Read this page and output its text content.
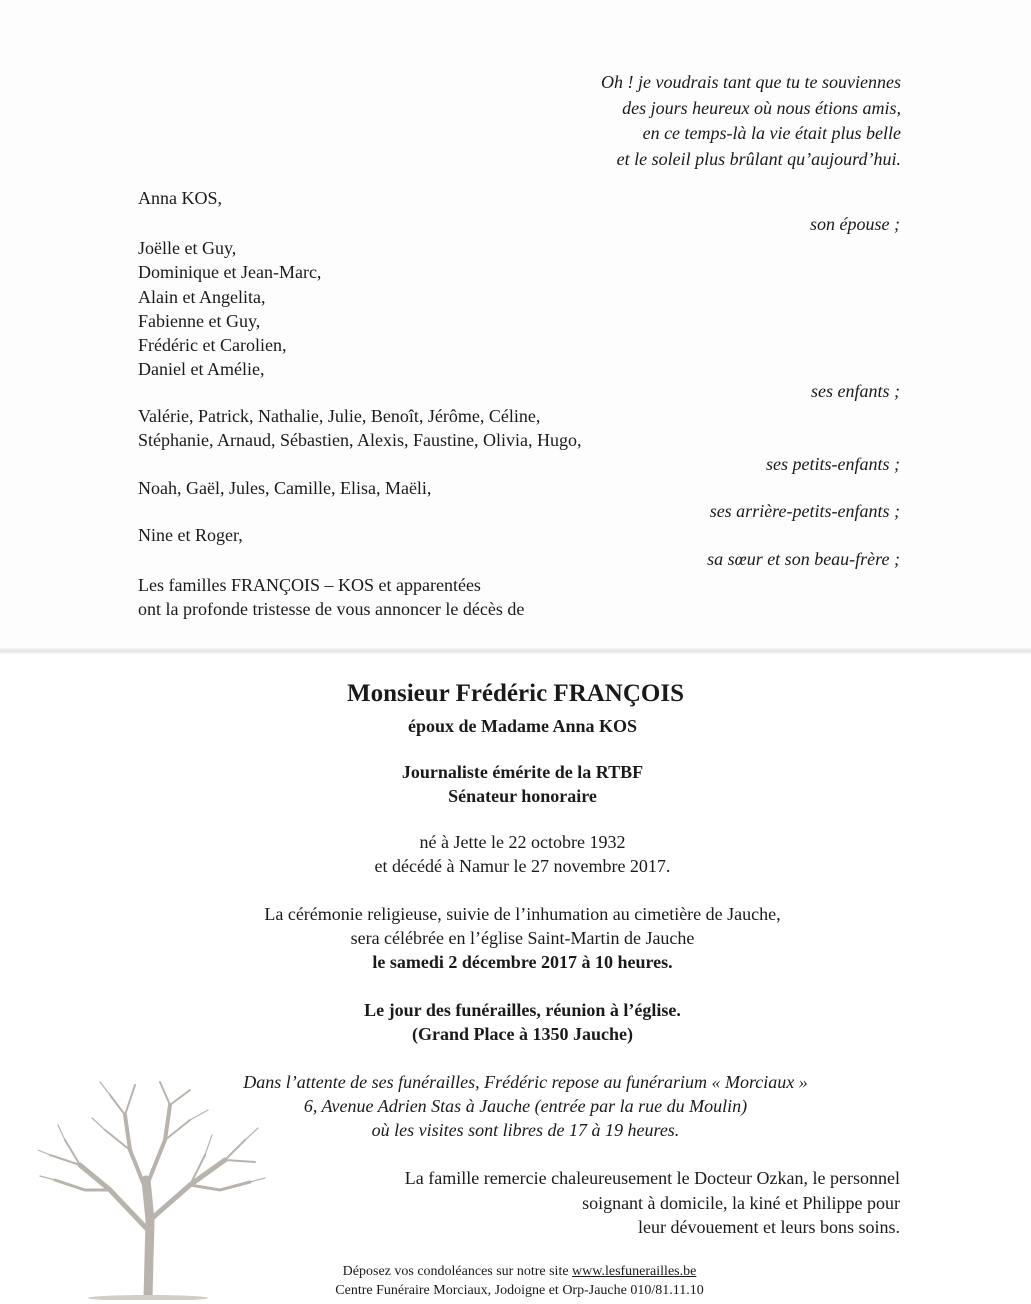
Oh ! je voudrais tant que tu te souviennes
des jours heureux où nous étions amis,
en ce temps-là la vie était plus belle
et le soleil plus brûlant qu’aujourd’hui.
Anna KOS,
son épouse ;
Joëlle et Guy,
Dominique et Jean-Marc,
Alain et Angelita,
Fabienne et Guy,
Frédéric et Carolien,
Daniel et Amélie,
ses enfants ;
Valérie, Patrick, Nathalie, Julie, Benoît, Jérôme, Céline,
Stéphanie, Arnaud, Sébastien, Alexis, Faustine, Olivia, Hugo,
ses petits-enfants ;
Noah, Gaël, Jules, Camille, Elisa, Maëli,
ses arrière-petits-enfants ;
Nine et Roger,
sa sœur et son beau-frère ;
Les familles FRANÇOIS – KOS et apparentées
ont la profonde tristesse de vous annoncer le décès de
Monsieur Frédéric FRANÇOIS
époux de Madame Anna KOS
Journaliste émérite de la RTBF
Sénateur honoraire
né à Jette le 22 octobre 1932
et décédé à Namur le 27 novembre 2017.
La cérémonie religieuse, suivie de l’inhumation au cimetière de Jauche,
sera célébrée en l’église Saint-Martin de Jauche
le samedi 2 décembre 2017 à 10 heures.
Le jour des funérailles, réunion à l’église.
(Grand Place à 1350 Jauche)
Dans l’attente de ses funérailles, Frédéric repose au funérarium « Morciaux »
6, Avenue Adrien Stas à Jauche (entrée par la rue du Moulin)
où les visites sont libres de 17 à 19 heures.
La famille remercie chaleureusement le Docteur Ozkan, le personnel
soignant à domicile, la kiné et Philippe pour
leur dévouement et leurs bons soins.
Déposez vos condoléances sur notre site www.lesfunerailles.be
Centre Funéraire Morciaux, Jodoigne et Orp-Jauche 010/81.11.10
